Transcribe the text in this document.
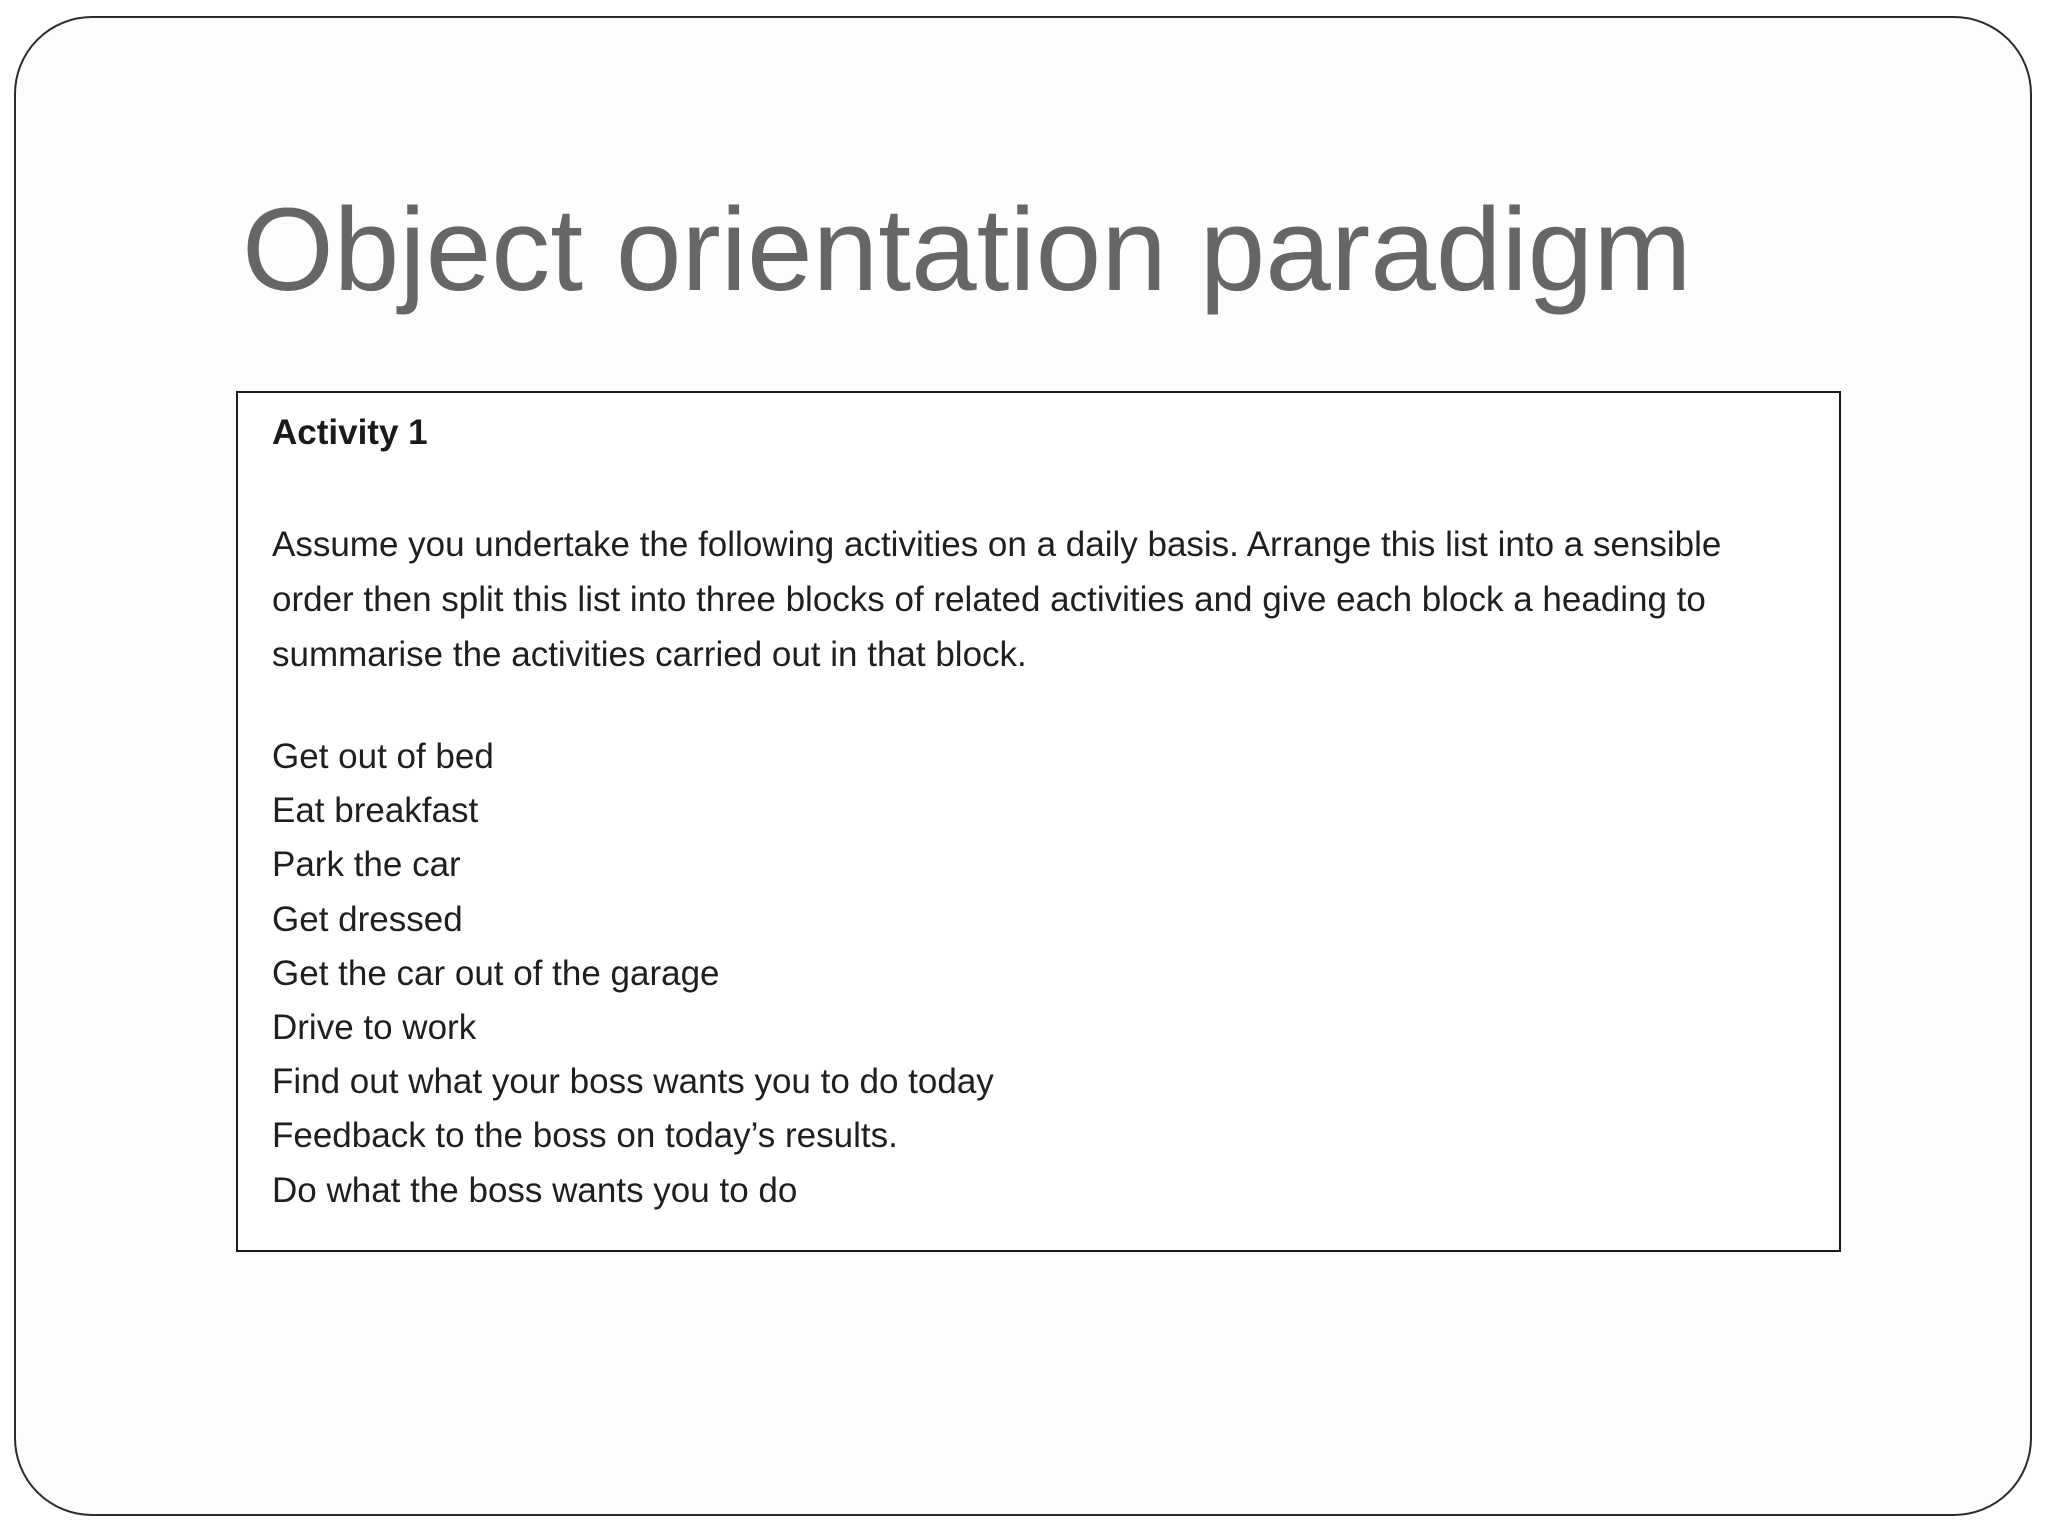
Object orientation paradigm

Activity 1

Assume you undertake the following activities on a daily basis. Arrange this list into a sensible order then split this list into three blocks of related activities and give each block a heading to summarise the activities carried out in that block.

Get out of bed
Eat breakfast
Park the car
Get dressed
Get the car out of the garage
Drive to work
Find out what your boss wants you to do today
Feedback to the boss on today’s results.
Do what the boss wants you to do
